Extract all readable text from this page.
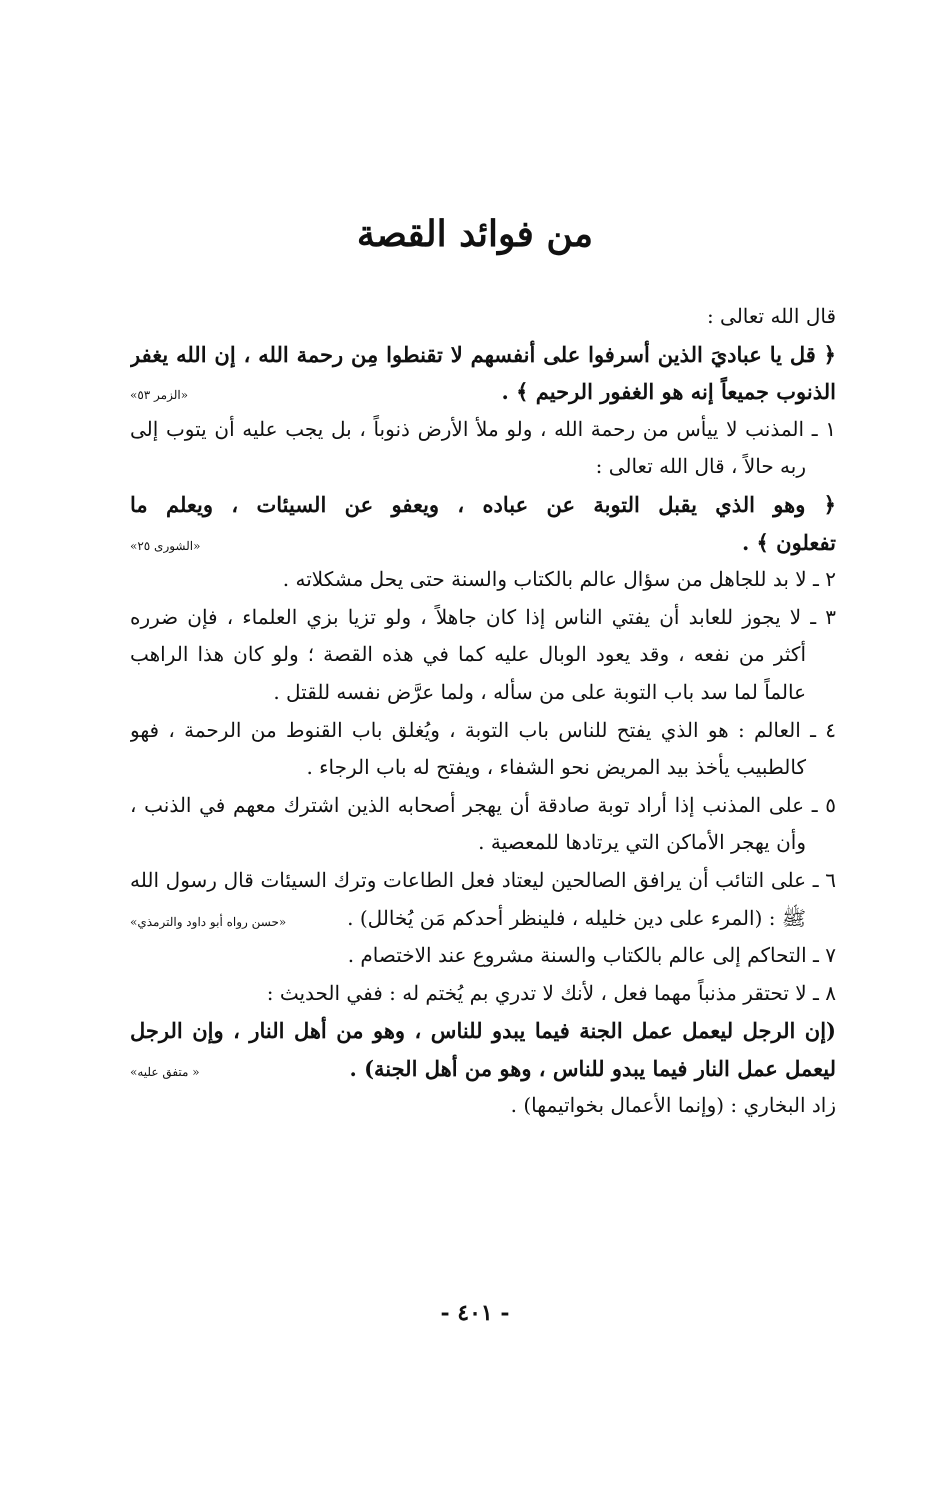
من فوائد القصة
قال الله تعالى :
﴿ قل يا عباديَ الذين أسرفوا على أنفسهم لا تقنطوا مِن رحمة الله ، إن الله يغفر
الذنوب جميعاً إنه هو الغفور الرحيم ﴾ .
«الزمر ٥٣»
١ ـ المذنب لا ييأس من رحمة الله ، ولو ملأ الأرض ذنوباً ، بل يجب عليه أن يتوب إلى
ربه حالاً ، قال الله تعالى :
﴿ وهو الذي يقبل التوبة عن عباده ، ويعفو عن السيئات ، ويعلم ما
تفعلون ﴾ .
«الشورى ٢٥»
٢ ـ لا بد للجاهل من سؤال عالم بالكتاب والسنة حتى يحل مشكلاته .
٣ ـ لا يجوز للعابد أن يفتي الناس إذا كان جاهلاً ، ولو تزيا بزي العلماء ، فإن ضرره
أكثر من نفعه ، وقد يعود الوبال عليه كما في هذه القصة ؛ ولو كان هذا الراهب
عالماً لما سد باب التوبة على من سأله ، ولما عرَّض نفسه للقتل .
٤ ـ العالم : هو الذي يفتح للناس باب التوبة ، ويُغلق باب القنوط من الرحمة ، فهو
كالطبيب يأخذ بيد المريض نحو الشفاء ، ويفتح له باب الرجاء .
٥ ـ على المذنب إذا أراد توبة صادقة أن يهجر أصحابه الذين اشترك معهم في الذنب ،
وأن يهجر الأماكن التي يرتادها للمعصية .
٦ ـ على التائب أن يرافق الصالحين ليعتاد فعل الطاعات وترك السيئات قال رسول الله
ﷺ : (المرء على دين خليله ، فلينظر أحدكم مَن يُخالل) .
«حسن رواه أبو داود والترمذي»
٧ ـ التحاكم إلى عالم بالكتاب والسنة مشروع عند الاختصام .
٨ ـ لا تحتقر مذنباً مهما فعل ، لأنك لا تدري بم يُختم له : ففي الحديث :
(إن الرجل ليعمل عمل الجنة فيما يبدو للناس ، وهو من أهل النار ، وإن الرجل
ليعمل عمل النار فيما يبدو للناس ، وهو من أهل الجنة) .
« متفق عليه»
زاد البخاري : (وإنما الأعمال بخواتيمها) .
- ٤٠١ -
